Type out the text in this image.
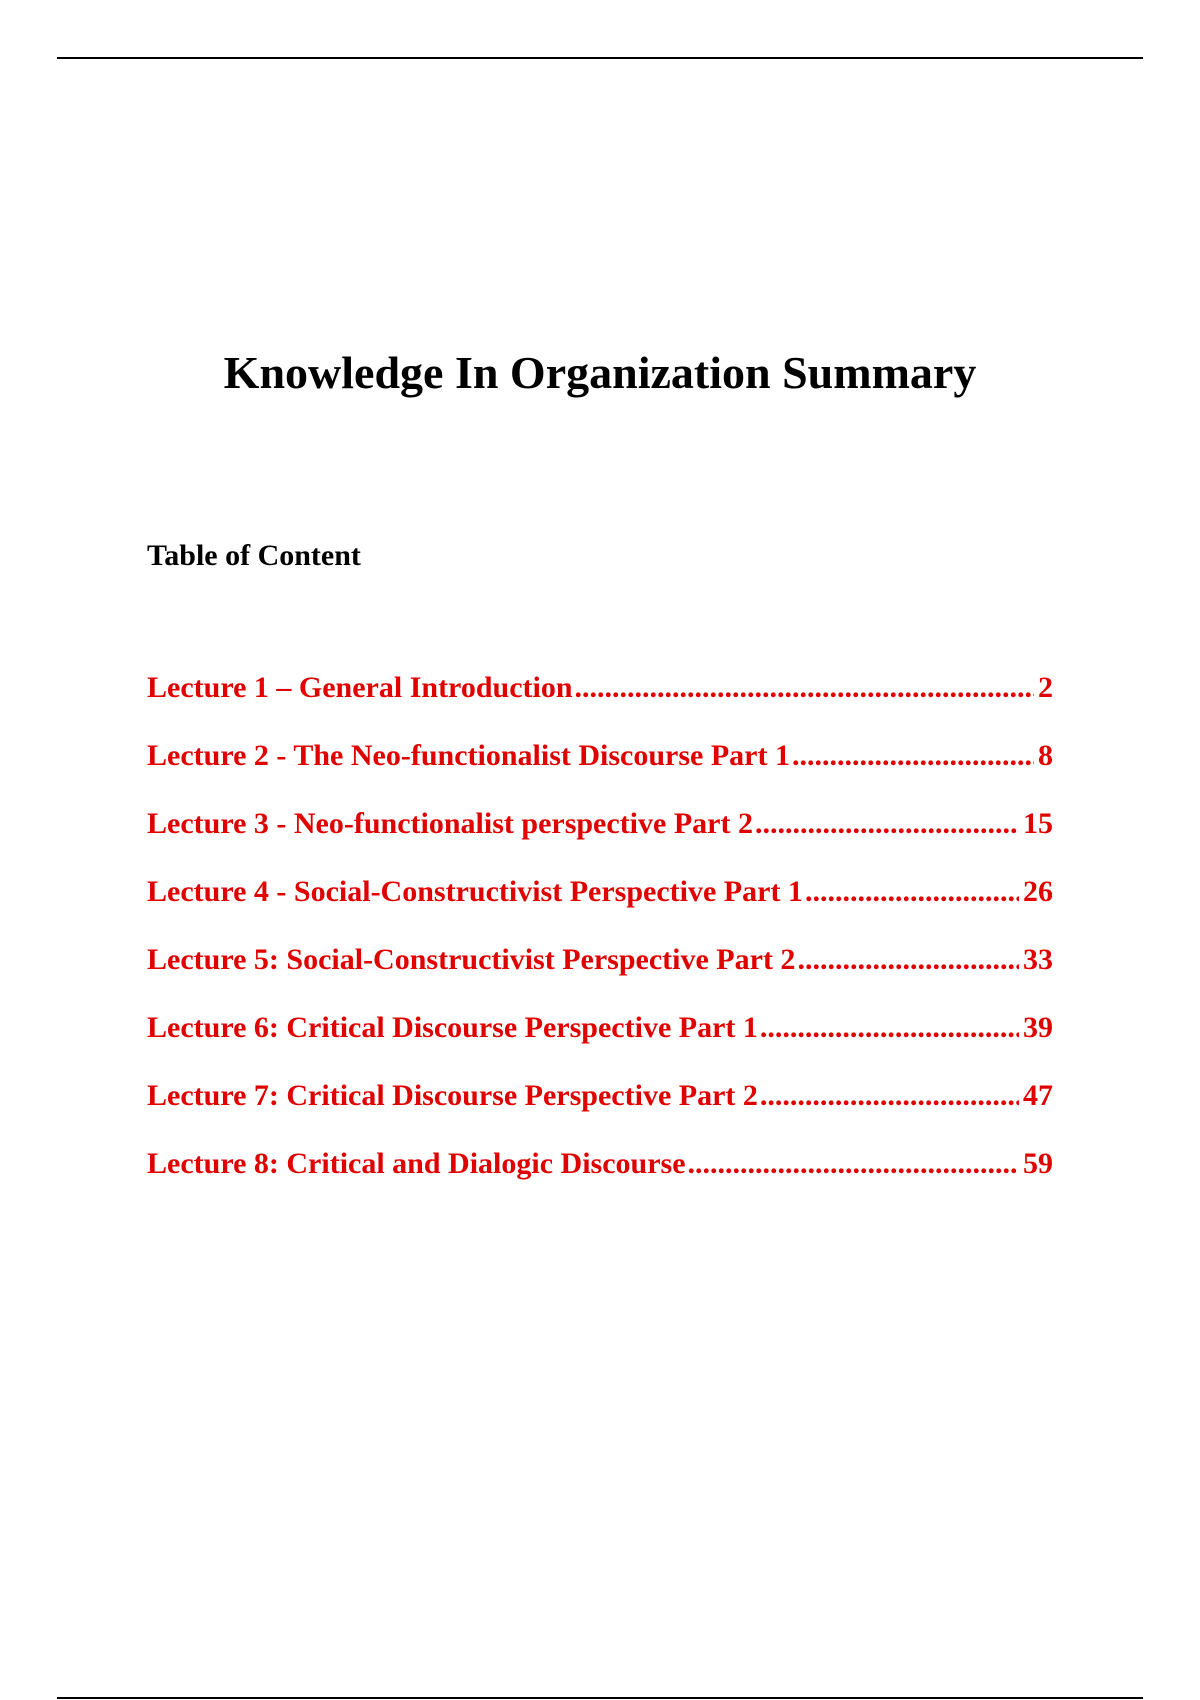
Knowledge In Organization Summary
Table of Content
Lecture 1 – General Introduction .....	2
Lecture 2 - The Neo-functionalist Discourse Part 1 .....	8
Lecture 3 - Neo-functionalist perspective Part 2 .....	15
Lecture 4 - Social-Constructivist Perspective Part 1 .....	26
Lecture 5: Social-Constructivist Perspective Part 2 .....	33
Lecture 6: Critical Discourse Perspective Part 1 .....	39
Lecture 7: Critical Discourse Perspective Part 2 .....	47
Lecture 8: Critical and Dialogic Discourse .....	59
